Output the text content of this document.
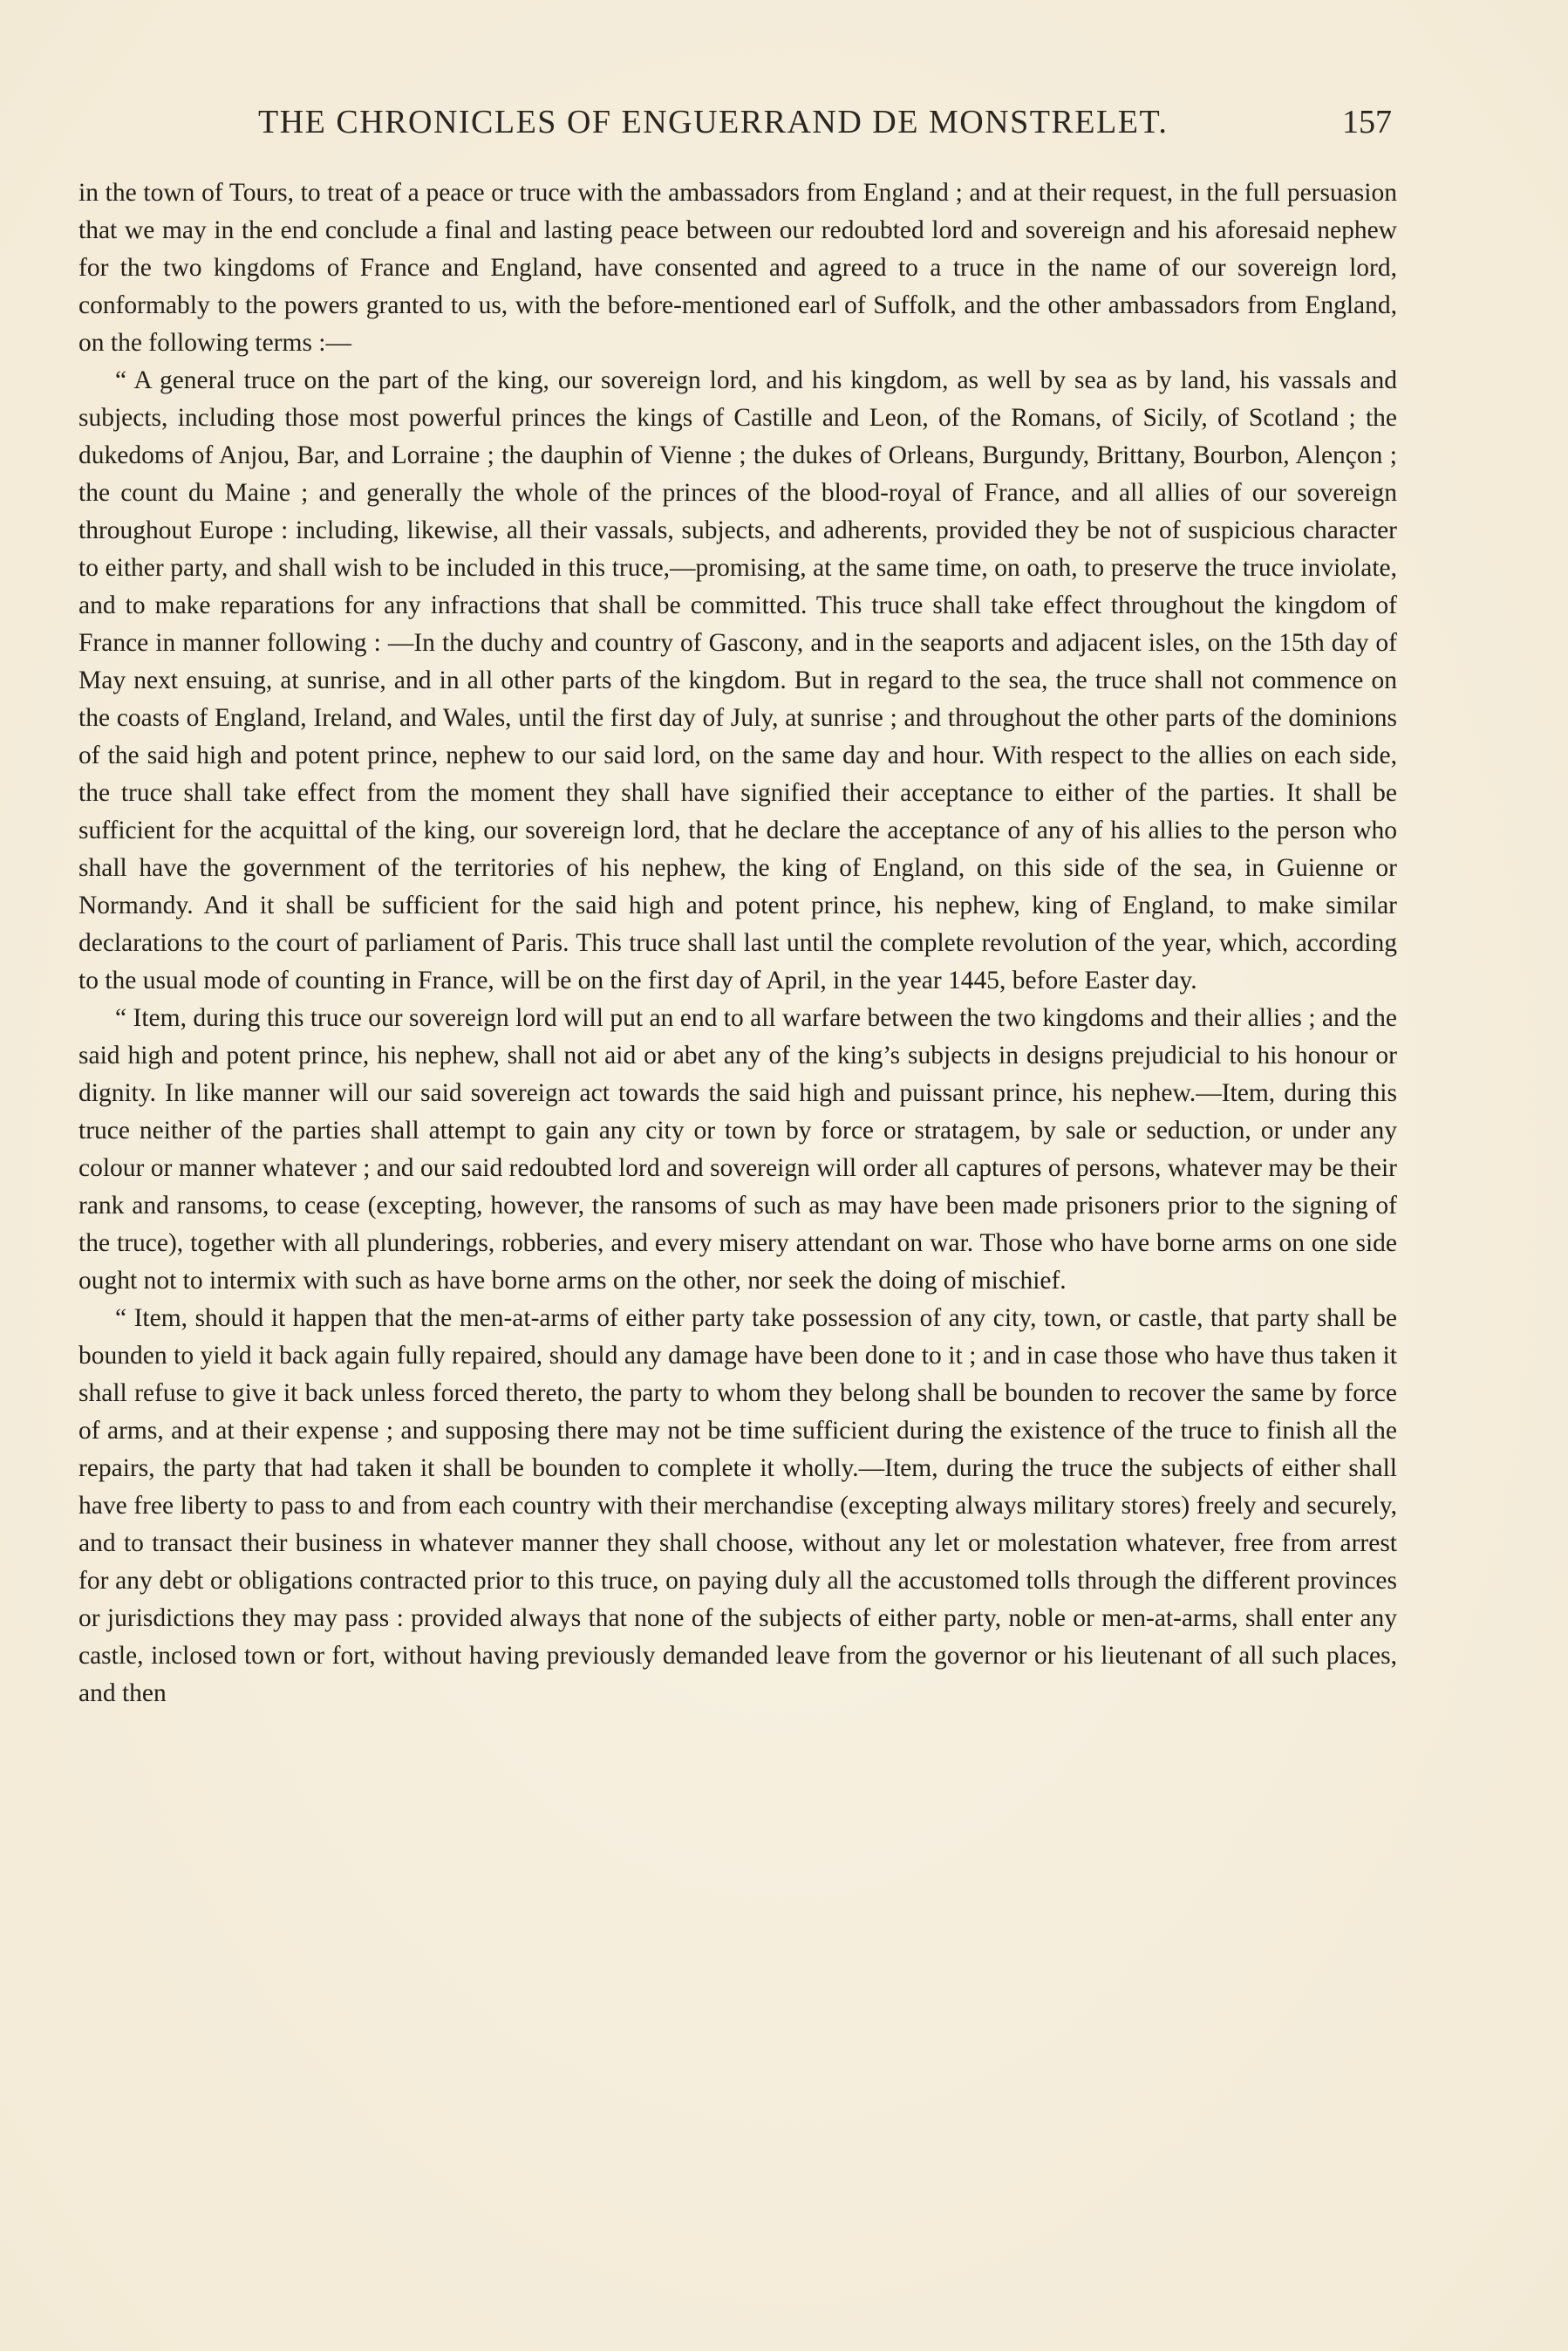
THE CHRONICLES OF ENGUERRAND DE MONSTRELET.	157

in the town of Tours, to treat of a peace or truce with the ambassadors from England ; and at their request, in the full persuasion that we may in the end conclude a final and lasting peace between our redoubted lord and sovereign and his aforesaid nephew for the two kingdoms of France and England, have consented and agreed to a truce in the name of our sovereign lord, conformably to the powers granted to us, with the before-mentioned earl of Suffolk, and the other ambassadors from England, on the following terms :—

“ A general truce on the part of the king, our sovereign lord, and his kingdom, as well by sea as by land, his vassals and subjects, including those most powerful princes the kings of Castille and Leon, of the Romans, of Sicily, of Scotland ; the dukedoms of Anjou, Bar, and Lorraine ; the dauphin of Vienne ; the dukes of Orleans, Burgundy, Brittany, Bourbon, Alençon ; the count du Maine ; and generally the whole of the princes of the blood-royal of France, and all allies of our sovereign throughout Europe : including, likewise, all their vassals, subjects, and adherents, provided they be not of suspicious character to either party, and shall wish to be included in this truce,—promising, at the same time, on oath, to preserve the truce inviolate, and to make reparations for any infractions that shall be committed. This truce shall take effect throughout the kingdom of France in manner following : —In the duchy and country of Gascony, and in the seaports and adjacent isles, on the 15th day of May next ensuing, at sunrise, and in all other parts of the kingdom. But in regard to the sea, the truce shall not commence on the coasts of England, Ireland, and Wales, until the first day of July, at sunrise ; and throughout the other parts of the dominions of the said high and potent prince, nephew to our said lord, on the same day and hour. With respect to the allies on each side, the truce shall take effect from the moment they shall have signified their acceptance to either of the parties. It shall be sufficient for the acquittal of the king, our sovereign lord, that he declare the acceptance of any of his allies to the person who shall have the government of the territories of his nephew, the king of England, on this side of the sea, in Guienne or Normandy. And it shall be sufficient for the said high and potent prince, his nephew, king of England, to make similar declarations to the court of parliament of Paris. This truce shall last until the complete revolution of the year, which, according to the usual mode of counting in France, will be on the first day of April, in the year 1445, before Easter day.

“ Item, during this truce our sovereign lord will put an end to all warfare between the two kingdoms and their allies ; and the said high and potent prince, his nephew, shall not aid or abet any of the king’s subjects in designs prejudicial to his honour or dignity. In like manner will our said sovereign act towards the said high and puissant prince, his nephew.—Item, during this truce neither of the parties shall attempt to gain any city or town by force or stratagem, by sale or seduction, or under any colour or manner whatever ; and our said redoubted lord and sovereign will order all captures of persons, whatever may be their rank and ransoms, to cease (excepting, however, the ransoms of such as may have been made prisoners prior to the signing of the truce), together with all plunderings, robberies, and every misery attendant on war. Those who have borne arms on one side ought not to intermix with such as have borne arms on the other, nor seek the doing of mischief.

“ Item, should it happen that the men-at-arms of either party take possession of any city, town, or castle, that party shall be bounden to yield it back again fully repaired, should any damage have been done to it ; and in case those who have thus taken it shall refuse to give it back unless forced thereto, the party to whom they belong shall be bounden to recover the same by force of arms, and at their expense ; and supposing there may not be time sufficient during the existence of the truce to finish all the repairs, the party that had taken it shall be bounden to complete it wholly.—Item, during the truce the subjects of either shall have free liberty to pass to and from each country with their merchandise (excepting always military stores) freely and securely, and to transact their business in whatever manner they shall choose, without any let or molestation whatever, free from arrest for any debt or obligations contracted prior to this truce, on paying duly all the accustomed tolls through the different provinces or jurisdictions they may pass : provided always that none of the subjects of either party, noble or men-at-arms, shall enter any castle, inclosed town or fort, without having previously demanded leave from the governor or his lieutenant of all such places, and then
